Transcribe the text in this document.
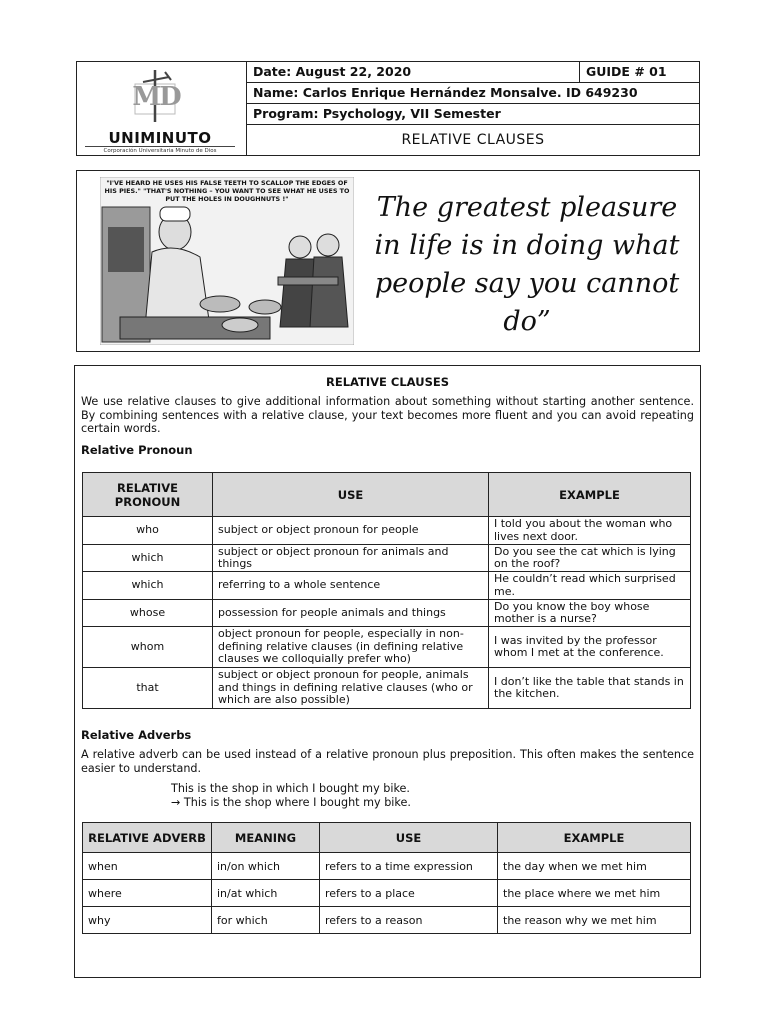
MD
UNIMINUTO
Corporación Universitaria Minuto de Dios
Date: August 22, 2020	GUIDE # 01
Name: Carlos Enrique Hernández Monsalve. ID 649230
Program: Psychology, VII Semester
RELATIVE CLAUSES
"I'VE HEARD HE USES HIS FALSE TEETH TO SCALLOP THE EDGES OF HIS PIES." "THAT'S NOTHING – YOU WANT TO SEE WHAT HE USES TO PUT THE HOLES IN DOUGHNUTS !"	The greatest pleasure in life is in doing what people say you cannot do”
RELATIVE CLAUSES
We use relative clauses to give additional information about something without starting another sentence. By combining sentences with a relative clause, your text becomes more fluent and you can avoid repeating certain words.
Relative Pronoun
RELATIVE PRONOUN	USE	EXAMPLE
who	subject or object pronoun for people	I told you about the woman who lives next door.
which	subject or object pronoun for animals and things	Do you see the cat which is lying on the roof?
which	referring to a whole sentence	He couldn’t read which surprised me.
whose	possession for people animals and things	Do you know the boy whose mother is a nurse?
whom	object pronoun for people, especially in non-defining relative clauses (in defining relative clauses we colloquially prefer who)	I was invited by the professor whom I met at the conference.
that	subject or object pronoun for people, animals and things in defining relative clauses (who or which are also possible)	I don’t like the table that stands in the kitchen.
Relative Adverbs
A relative adverb can be used instead of a relative pronoun plus preposition. This often makes the sentence easier to understand.
This is the shop in which I bought my bike.
→ This is the shop where I bought my bike.
RELATIVE ADVERB	MEANING	USE	EXAMPLE
when	in/on which	refers to a time expression	the day when we met him
where	in/at which	refers to a place	the place where we met him
why	for which	refers to a reason	the reason why we met him
